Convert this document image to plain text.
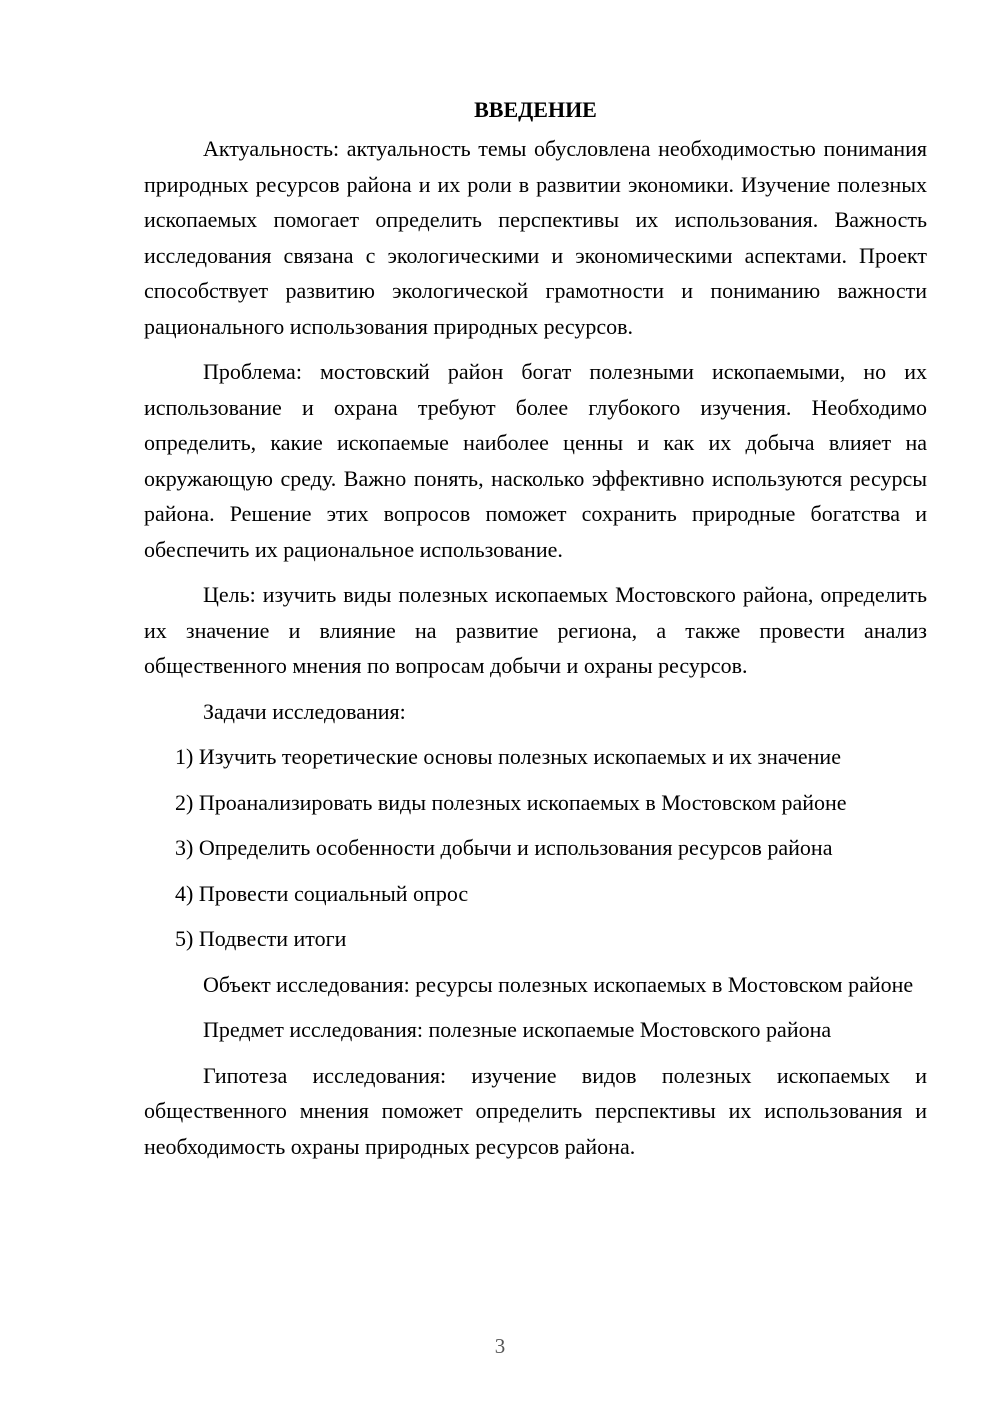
ВВЕДЕНИЕ

Актуальность: актуальность темы обусловлена необходимостью понимания природных ресурсов района и их роли в развитии экономики. Изучение полезных ископаемых помогает определить перспективы их использования. Важность исследования связана с экологическими и экономическими аспектами. Проект способствует развитию экологической грамотности и пониманию важности рационального использования природных ресурсов.

Проблема: мостовский район богат полезными ископаемыми, но их использование и охрана требуют более глубокого изучения. Необходимо определить, какие ископаемые наиболее ценны и как их добыча влияет на окружающую среду. Важно понять, насколько эффективно используются ресурсы района. Решение этих вопросов поможет сохранить природные богатства и обеспечить их рациональное использование.

Цель: изучить виды полезных ископаемых Мостовского района, определить их значение и влияние на развитие региона, а также провести анализ общественного мнения по вопросам добычи и охраны ресурсов.

Задачи исследования:

1) Изучить теоретические основы полезных ископаемых и их значение

2) Проанализировать виды полезных ископаемых в Мостовском районе

3) Определить особенности добычи и использования ресурсов района

4) Провести социальный опрос

5) Подвести итоги

Объект исследования: ресурсы полезных ископаемых в Мостовском районе

Предмет исследования: полезные ископаемые Мостовского района

Гипотеза исследования: изучение видов полезных ископаемых и общественного мнения поможет определить перспективы их использования и необходимость охраны природных ресурсов района.

3
